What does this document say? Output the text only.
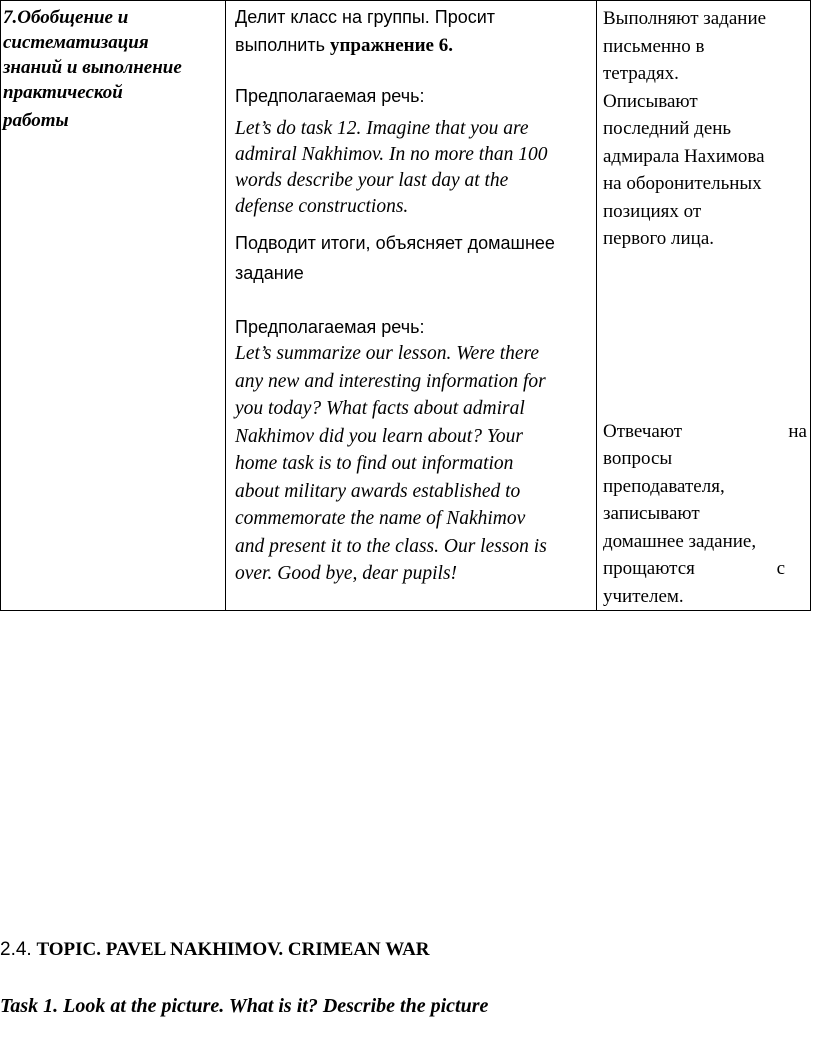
7.Обобщение и
систематизация
знаний и выполнение
практической
работы

Делит класс на группы. Просит
выполнить упражнение 6.
Предполагаемая речь:
Let’s do task 12. Imagine that you are
admiral Nakhimov. In no more than 100
words describe your last day at the
defense constructions.
Подводит итоги, объясняет домашнее
задание
Предполагаемая речь:
Let’s summarize our lesson. Were there
any new and interesting information for
you today? What facts about admiral
Nakhimov did you learn about? Your
home task is to find out information
about military awards established to
commemorate the name of Nakhimov
and present it to the class. Our lesson is
over. Good bye, dear pupils!

Выполняют задание
письменно в
тетрадях.
Описывают
последний день
адмирала Нахимова
на оборонительных
позициях от
первого лица.
Отвечают	на
вопросы
преподавателя,
записывают
домашнее задание,
прощаются	с
учителем.
2.4. TOPIC. PAVEL NAKHIMOV. CRIMEAN WAR
Task 1. Look at the picture. What is it? Describe the picture
